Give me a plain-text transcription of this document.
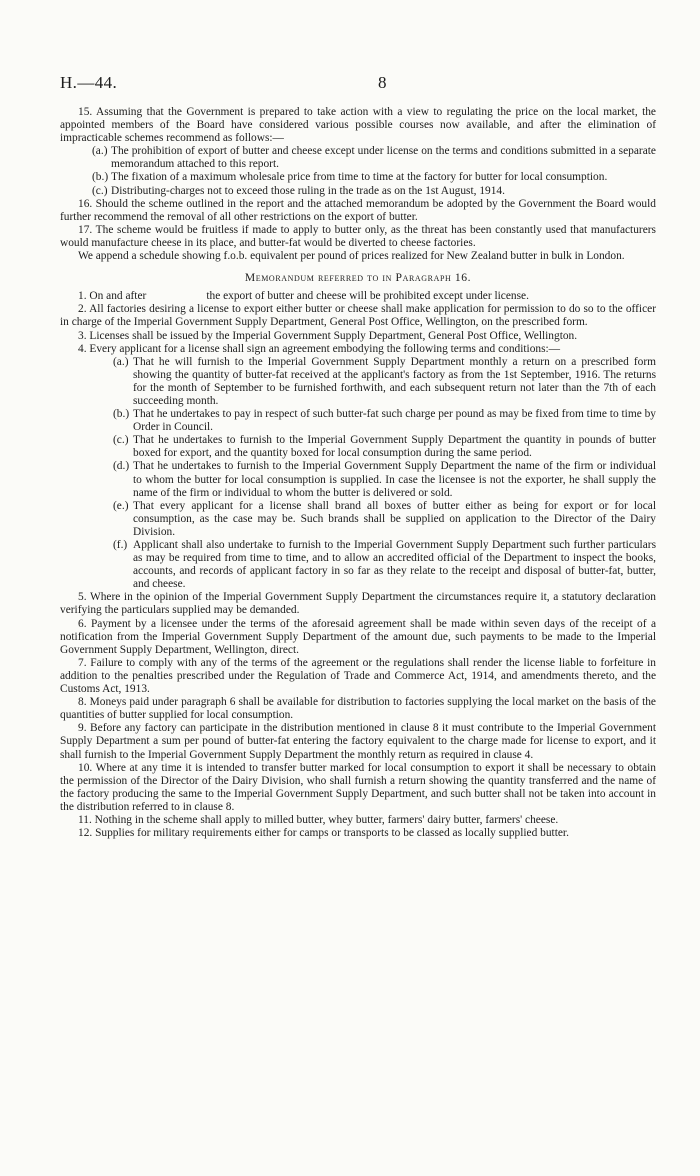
H.—44.	8

15. Assuming that the Government is prepared to take action with a view to regulating the price on the local market, the appointed members of the Board have considered various possible courses now available, and after the elimination of impracticable schemes recommend as follows:—

(a.) The prohibition of export of butter and cheese except under license on the terms and conditions submitted in a separate memorandum attached to this report.

(b.) The fixation of a maximum wholesale price from time to time at the factory for butter for local consumption.

(c.) Distributing-charges not to exceed those ruling in the trade as on the 1st August, 1914.

16. Should the scheme outlined in the report and the attached memorandum be adopted by the Government the Board would further recommend the removal of all other restrictions on the export of butter.

17. The scheme would be fruitless if made to apply to butter only, as the threat has been constantly used that manufacturers would manufacture cheese in its place, and butter-fat would be diverted to cheese factories.

We append a schedule showing f.o.b. equivalent per pound of prices realized for New Zealand butter in bulk in London.

Memorandum referred to in Paragraph 16.

1. On and after	the export of butter and cheese will be prohibited except under license.

2. All factories desiring a license to export either butter or cheese shall make application for permission to do so to the officer in charge of the Imperial Government Supply Department, General Post Office, Wellington, on the prescribed form.

3. Licenses shall be issued by the Imperial Government Supply Department, General Post Office, Wellington.

4. Every applicant for a license shall sign an agreement embodying the following terms and conditions:—

(a.) That he will furnish to the Imperial Government Supply Department monthly a return on a prescribed form showing the quantity of butter-fat received at the applicant's factory as from the 1st September, 1916. The returns for the month of September to be furnished forthwith, and each subsequent return not later than the 7th of each succeeding month.

(b.) That he undertakes to pay in respect of such butter-fat such charge per pound as may be fixed from time to time by Order in Council.

(c.) That he undertakes to furnish to the Imperial Government Supply Department the quantity in pounds of butter boxed for export, and the quantity boxed for local consumption during the same period.

(d.) That he undertakes to furnish to the Imperial Government Supply Department the name of the firm or individual to whom the butter for local consumption is supplied. In case the licensee is not the exporter, he shall supply the name of the firm or individual to whom the butter is delivered or sold.

(e.) That every applicant for a license shall brand all boxes of butter either as being for export or for local consumption, as the case may be. Such brands shall be supplied on application to the Director of the Dairy Division.

(f.) Applicant shall also undertake to furnish to the Imperial Government Supply Department such further particulars as may be required from time to time, and to allow an accredited official of the Department to inspect the books, accounts, and records of applicant factory in so far as they relate to the receipt and disposal of butter-fat, butter, and cheese.

5. Where in the opinion of the Imperial Government Supply Department the circumstances require it, a statutory declaration verifying the particulars supplied may be demanded.

6. Payment by a licensee under the terms of the aforesaid agreement shall be made within seven days of the receipt of a notification from the Imperial Government Supply Department of the amount due, such payments to be made to the Imperial Government Supply Department, Wellington, direct.

7. Failure to comply with any of the terms of the agreement or the regulations shall render the license liable to forfeiture in addition to the penalties prescribed under the Regulation of Trade and Commerce Act, 1914, and amendments thereto, and the Customs Act, 1913.

8. Moneys paid under paragraph 6 shall be available for distribution to factories supplying the local market on the basis of the quantities of butter supplied for local consumption.

9. Before any factory can participate in the distribution mentioned in clause 8 it must contribute to the Imperial Government Supply Department a sum per pound of butter-fat entering the factory equivalent to the charge made for license to export, and it shall furnish to the Imperial Government Supply Department the monthly return as required in clause 4.

10. Where at any time it is intended to transfer butter marked for local consumption to export it shall be necessary to obtain the permission of the Director of the Dairy Division, who shall furnish a return showing the quantity transferred and the name of the factory producing the same to the Imperial Government Supply Department, and such butter shall not be taken into account in the distribution referred to in clause 8.

11. Nothing in the scheme shall apply to milled butter, whey butter, farmers' dairy butter, farmers' cheese.

12. Supplies for military requirements either for camps or transports to be classed as locally supplied butter.
